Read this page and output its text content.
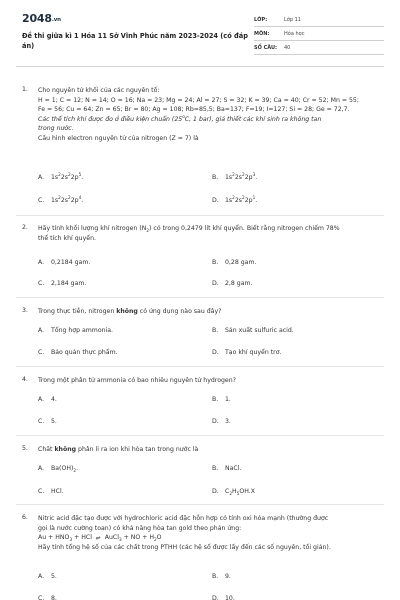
2048.vn
Đề thi giữa kì 1 Hóa 11 Sở Vĩnh Phúc năm 2023-2024 (có đáp án)
LỚP:	Lớp 11
MÔN:	Hóa học
SỐ CÂU:	40
1. Cho nguyên tử khối của các nguyên tố:

H = 1; C = 12; N = 14; O = 16; Na = 23; Mg = 24; Al = 27; S = 32; K = 39; Ca = 40; Cr = 52; Mn = 55;

Fe = 56; Cu = 64; Zn = 65; Br = 80; Ag = 108; Rb=85,5; Ba=137; F=19; I=127; Si = 28; Ge = 72,7.

Các thể tích khí được đo ở điều kiện chuẩn (25$^o$C, 1 bar), giả thiết các khí sinh ra không tan

trong nước.

Cấu hình electron nguyên tử của nitrogen (Z = 7) là

A. $1s^22s^22p^5$.	B. $1s^22s^22p^3$.
C. $1s^22s^22p^4$.	D. $1s^22s^22p^1$.
2. Hãy tính khối lượng khí nitrogen $(N_2)$ có trong 0,2479 lít khí quyển. Biết rằng nitrogen chiếm 78%

thể tích khí quyển.

A. 0,2184 gam.	B. 0,28 gam.
C. 2,184 gam.	D. 2,8 gam.
3. Trong thực tiễn, nitrogen không có ứng dụng nào sau đây?

A. Tổng hợp ammonia.	B. Sản xuất sulfuric acid.
C. Bảo quản thực phẩm.	D. Tạo khí quyển trơ.
4. Trong một phân tử ammonia có bao nhiêu nguyên tử hydrogen?

A. 4.	B. 1.
C. 5.	D. 3.
5. Chất không phân li ra ion khi hòa tan trong nước là

A. $Ba(OH)_2$.	B. NaCl.
C. HCl.	D. $C_2H_5OH.X$
6. Nitric acid đặc tạo được với hydrochloric acid đặc hỗn hợp có tính oxi hóa mạnh (thường được

gọi là nước cường toan) có khả năng hòa tan gold theo phản ứng:

$Au + HNO_3$ + HCl  ⥂  AuCl$_3$ + NO + $H_2O$

Hãy tính tổng hệ số của các chất trong PTHH (các hệ số được lấy đến các số nguyên, tối giản).

A. 5.	B. 9.
C. 8.	D. 10.
